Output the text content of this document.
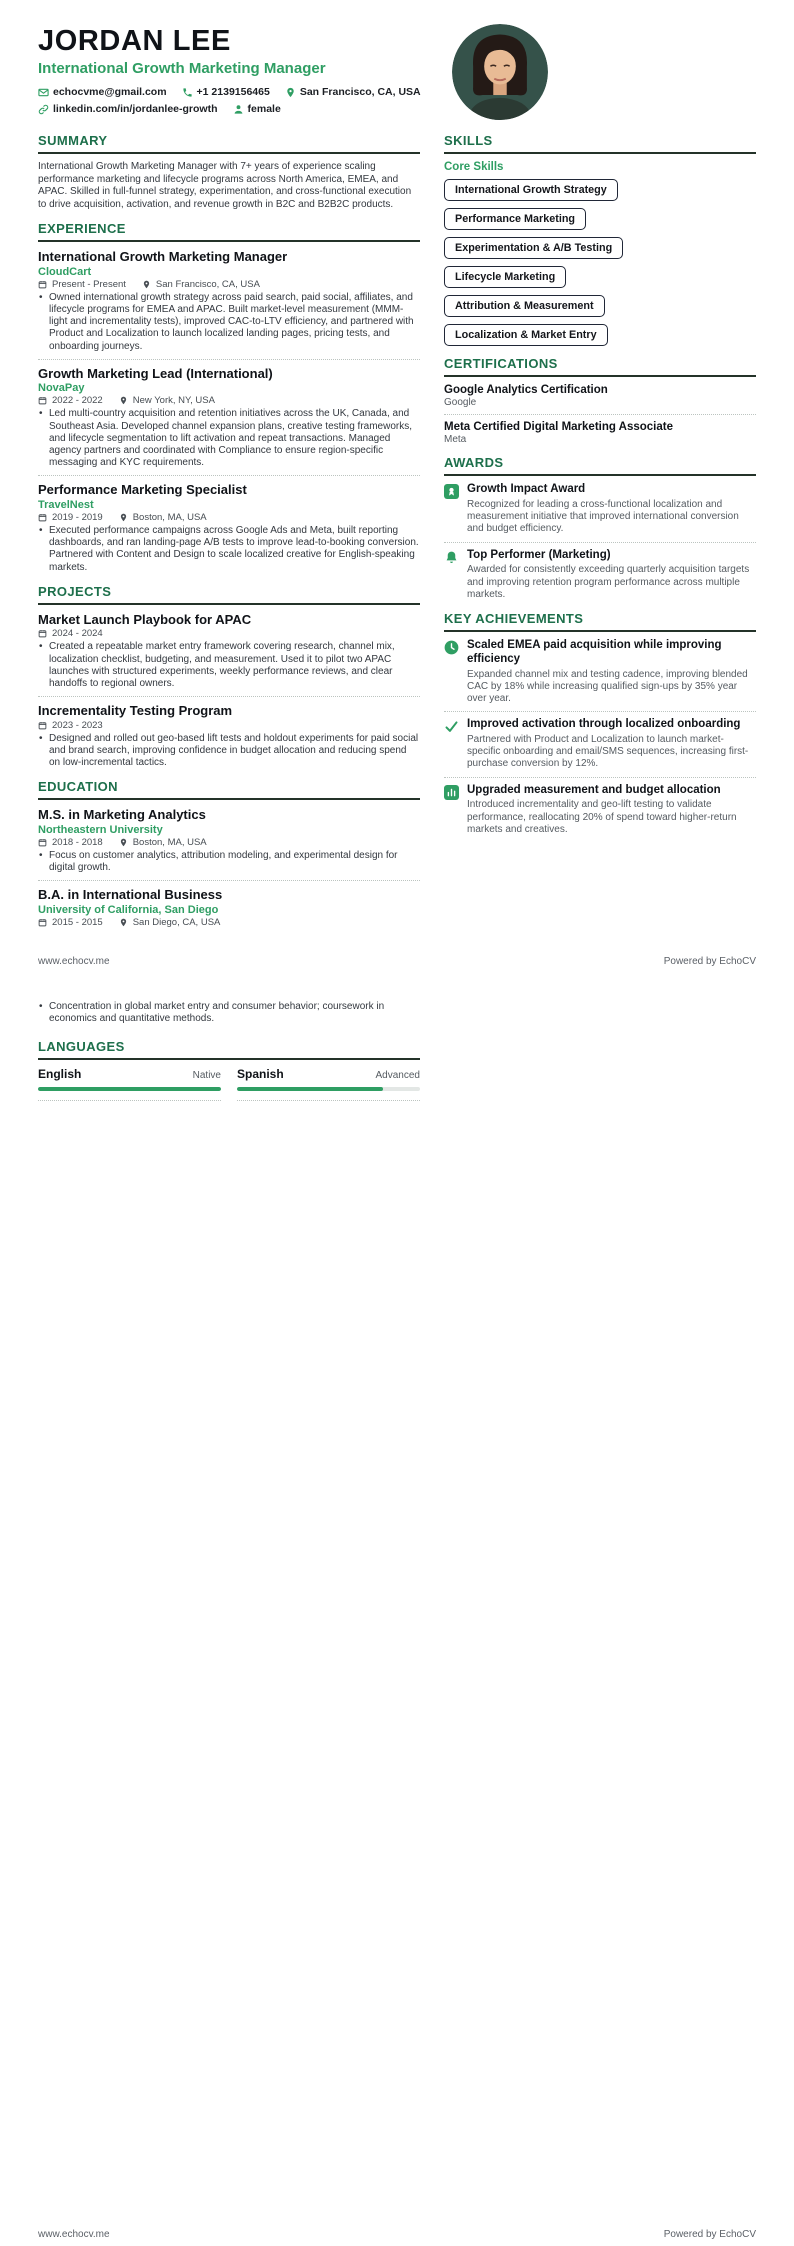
JORDAN LEE
International Growth Marketing Manager
echocvme@gmail.com	+1 2139156465	San Francisco, CA, USA
linkedin.com/in/jordanlee-growth	female
SUMMARY

International Growth Marketing Manager with 7+ years of experience scaling performance marketing and lifecycle programs across North America, EMEA, and APAC. Skilled in full-funnel strategy, experimentation, and cross-functional execution to drive acquisition, activation, and revenue growth in B2C and B2B2C products.

EXPERIENCE
International Growth Marketing Manager
CloudCart
Present - Present	San Francisco, CA, USA
• Owned international growth strategy across paid search, paid social, affiliates, and lifecycle programs for EMEA and APAC. Built market-level measurement (MMM-light and incrementality tests), improved CAC-to-LTV efficiency, and partnered with Product and Localization to launch localized landing pages, pricing tests, and onboarding journeys.
Growth Marketing Lead (International)
NovaPay
2022 - 2022	New York, NY, USA
• Led multi-country acquisition and retention initiatives across the UK, Canada, and Southeast Asia. Developed channel expansion plans, creative testing frameworks, and lifecycle segmentation to lift activation and repeat transactions. Managed agency partners and coordinated with Compliance to ensure region-specific messaging and KYC requirements.
Performance Marketing Specialist
TravelNest
2019 - 2019	Boston, MA, USA
• Executed performance campaigns across Google Ads and Meta, built reporting dashboards, and ran landing-page A/B tests to improve lead-to-booking conversion. Partnered with Content and Design to scale localized creative for English-speaking markets.
PROJECTS
Market Launch Playbook for APAC
2024 - 2024
• Created a repeatable market entry framework covering research, channel mix, localization checklist, budgeting, and measurement. Used it to pilot two APAC launches with structured experiments, weekly performance reviews, and clear handoffs to regional owners.
Incrementality Testing Program
2023 - 2023
• Designed and rolled out geo-based lift tests and holdout experiments for paid social and brand search, improving confidence in budget allocation and reducing spend on low-incremental tactics.
EDUCATION
M.S. in Marketing Analytics
Northeastern University
2018 - 2018	Boston, MA, USA
• Focus on customer analytics, attribution modeling, and experimental design for digital growth.
B.A. in International Business
University of California, San Diego
2015 - 2015	San Diego, CA, USA
SKILLS
Core Skills
International Growth Strategy
Performance Marketing
Experimentation & A/B Testing
Lifecycle Marketing
Attribution & Measurement
Localization & Market Entry
CERTIFICATIONS

Google Analytics Certification

Google

Meta Certified Digital Marketing Associate

Meta

AWARDS

Growth Impact Award

Recognized for leading a cross-functional localization and measurement initiative that improved international conversion and budget efficiency.

Top Performer (Marketing)

Awarded for consistently exceeding quarterly acquisition targets and improving retention program performance across multiple markets.

KEY ACHIEVEMENTS

Scaled EMEA paid acquisition while improving efficiency

Expanded channel mix and testing cadence, improving blended CAC by 18% while increasing qualified sign-ups by 35% year over year.

Improved activation through localized onboarding

Partnered with Product and Localization to launch market-specific onboarding and email/SMS sequences, increasing first-purchase conversion by 12%.

Upgraded measurement and budget allocation

Introduced incrementality and geo-lift testing to validate performance, reallocating 20% of spend toward higher-return markets and creatives.

www.echocv.me	Powered by EchoCV
• Concentration in global market entry and consumer behavior; coursework in economics and quantitative methods.
LANGUAGES
English	Native Spanish	Advanced
www.echocv.me	Powered by EchoCV
